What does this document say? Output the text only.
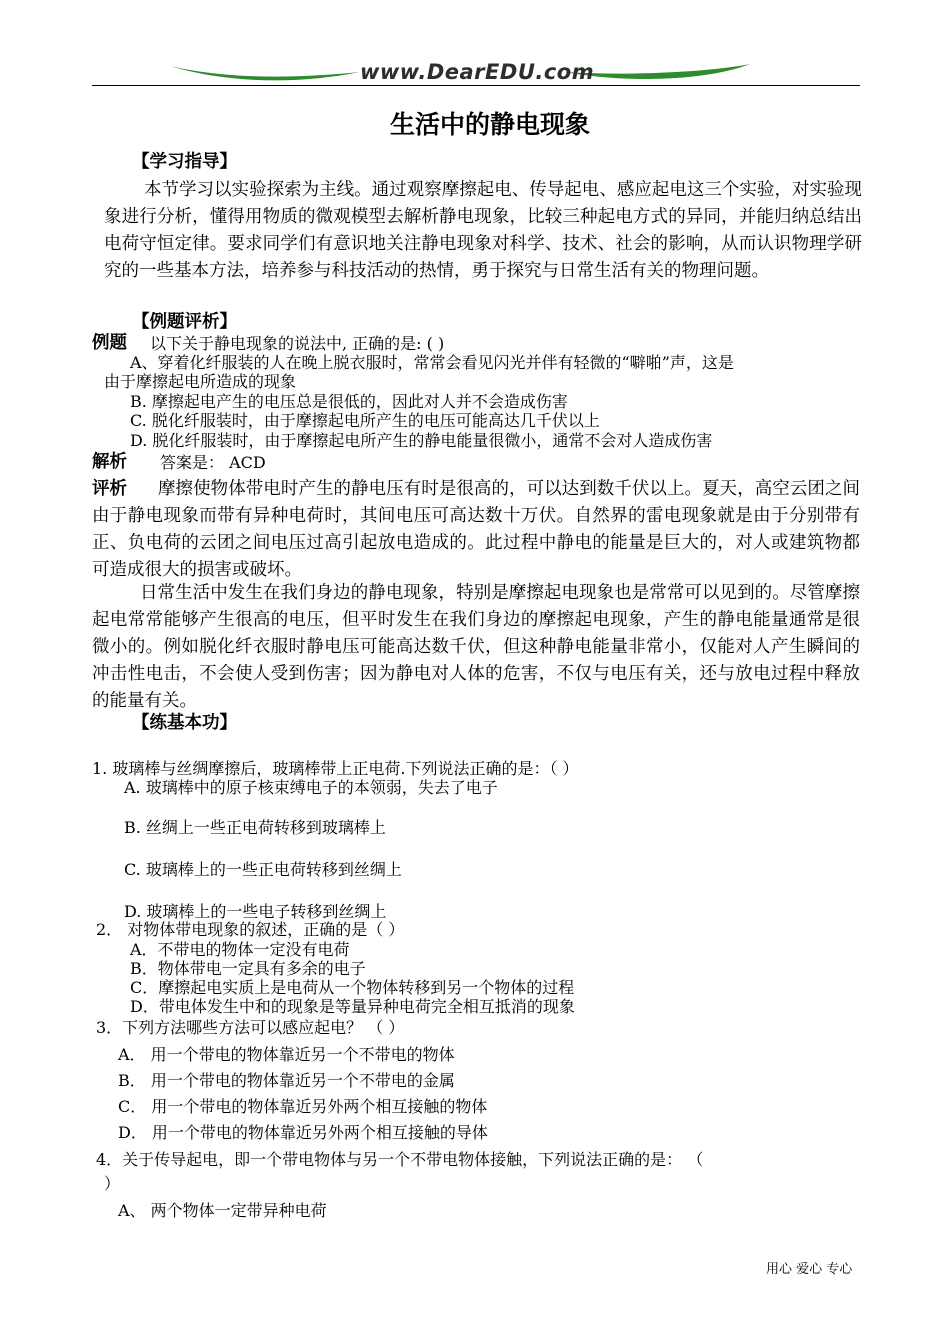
www.DearEDU.com
生活中的静电现象
【学习指导】
本节学习以实验探索为主线。通过观察摩擦起电、传导起电、感应起电这三个实验，对实验现象进行分析，懂得用物质的微观模型去解析静电现象，比较三种起电方式的异同，并能归纳总结出电荷守恒定律。要求同学们有意识地关注静电现象对科学、技术、社会的影响，从而认识物理学研究的一些基本方法，培养参与科技活动的热情，勇于探究与日常生活有关的物理问题。
【例题评析】
例题 以下关于静电现象的说法中, 正确的是: ( )
A、穿着化纤服装的人在晚上脱衣服时，常常会看见闪光并伴有轻微的“噼啪”声，这是
由于摩擦起电所造成的现象
B. 摩擦起电产生的电压总是很低的，因此对人并不会造成伤害
C. 脱化纤服装时，由于摩擦起电所产生的电压可能高达几千伏以上
D. 脱化纤服装时，由于摩擦起电所产生的静电能量很微小，通常不会对人造成伤害
解析 答案是： ACD
评析	摩擦使物体带电时产生的静电压有时是很高的，可以达到数千伏以上。夏天，高空云团之间由于静电现象而带有异种电荷时，其间电压可高达数十万伏。自然界的雷电现象就是由于分别带有正、负电荷的云团之间电压过高引起放电造成的。此过程中静电的能量是巨大的，对人或建筑物都可造成很大的损害或破坏。
日常生活中发生在我们身边的静电现象，特别是摩擦起电现象也是常常可以见到的。尽管摩擦起电常常能够产生很高的电压，但平时发生在我们身边的摩擦起电现象，产生的静电能量通常是很微小的。例如脱化纤衣服时静电压可能高达数千伏，但这种静电能量非常小，仅能对人产生瞬间的冲击性电击，不会使人受到伤害；因为静电对人体的危害，不仅与电压有关，还与放电过程中释放的能量有关。
【练基本功】
1. 玻璃棒与丝绸摩擦后，玻璃棒带上正电荷.下列说法正确的是：（ ）
A. 玻璃棒中的原子核束缚电子的本领弱，失去了电子
B. 丝绸上一些正电荷转移到玻璃棒上
C. 玻璃棒上的一些正电荷转移到丝绸上
D. 玻璃棒上的一些电子转移到丝绸上
2． 对物体带电现象的叙述，正确的是（ ）
A．不带电的物体一定没有电荷
B．物体带电一定具有多余的电子
C．摩擦起电实质上是电荷从一个物体转移到另一个物体的过程
D．带电体发生中和的现象是等量异种电荷完全相互抵消的现象
3．下列方法哪些方法可以感应起电？ （ ）
A． 用一个带电的物体靠近另一个不带电的物体
B． 用一个带电的物体靠近另一个不带电的金属
C． 用一个带电的物体靠近另外两个相互接触的物体
D． 用一个带电的物体靠近另外两个相互接触的导体
4．关于传导起电，即一个带电物体与另一个不带电物体接触，下列说法正确的是： （
）
A、 两个物体一定带异种电荷
用心 爱心 专心
